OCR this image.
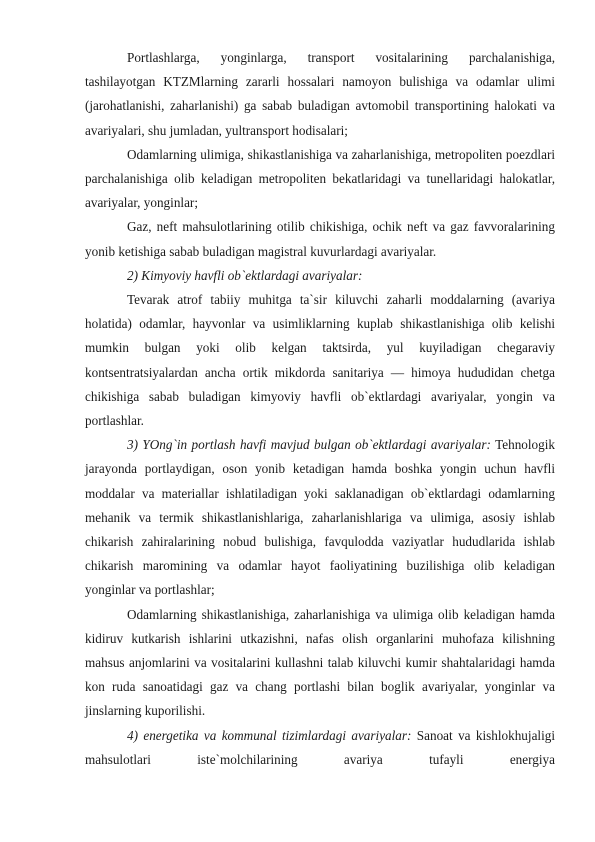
Portlashlarga, yonginlarga, transport vositalarining parchalanishiga, tashilayotgan KTZMlarning zararli hossalari namoyon bulishiga va odamlar ulimi (jarohatlanishi, zaharlanishi) ga sabab buladigan avtomobil transportining halokati va avariyalari, shu jumladan, yultransport hodisalari;

Odamlarning ulimiga, shikastlanishiga va zaharlanishiga, metropoliten poezdlari parchalanishiga olib keladigan metropoliten bekatlaridagi va tunellaridagi halokatlar, avariyalar, yonginlar;

Gaz, neft mahsulotlarining otilib chikishiga, ochik neft va gaz favvoralarining yonib ketishiga sabab buladigan magistral kuvurlardagi avariyalar.

2) Kimyoviy havfli ob`ektlardagi avariyalar:

Tevarak atrof tabiiy muhitga ta`sir kiluvchi zaharli moddalarning (avariya holatida) odamlar, hayvonlar va usimliklarning kuplab shikastlanishiga olib kelishi mumkin bulgan yoki olib kelgan taktsirda, yul kuyiladigan chegaraviy kontsentratsiyalardan ancha ortik mikdorda sanitariya — himoya hududidan chetga chikishiga sabab buladigan kimyoviy havfli ob`ektlardagi avariyalar, yongin va portlashlar.

3) YOng`in portlash havfi mavjud bulgan ob`ektlardagi avariyalar: Tehnologik jarayonda portlaydigan, oson yonib ketadigan hamda boshka yongin uchun havfli moddalar va materiallar ishlatiladigan yoki saklanadigan ob`ektlardagi odamlarning mehanik va termik shikastlanishlariga, zaharlanishlariga va ulimiga, asosiy ishlab chikarish zahiralarining nobud bulishiga, favqulodda vaziyatlar hududlarida ishlab chikarish maromining va odamlar hayot faoliyatining buzilishiga olib keladigan yonginlar va portlashlar;

Odamlarning shikastlanishiga, zaharlanishiga va ulimiga olib keladigan hamda kidiruv kutkarish ishlarini utkazishni, nafas olish organlarini muhofaza kilishning mahsus anjomlarini va vositalarini kullashni talab kiluvchi kumir shahtalaridagi hamda kon ruda sanoatidagi gaz va chang portlashi bilan boglik avariyalar, yonginlar va jinslarning kuporilishi.

4) energetika va kommunal tizimlardagi avariyalar: Sanoat va kishlokhujaligi mahsulotlari iste`molchilarining avariya tufayli energiya
